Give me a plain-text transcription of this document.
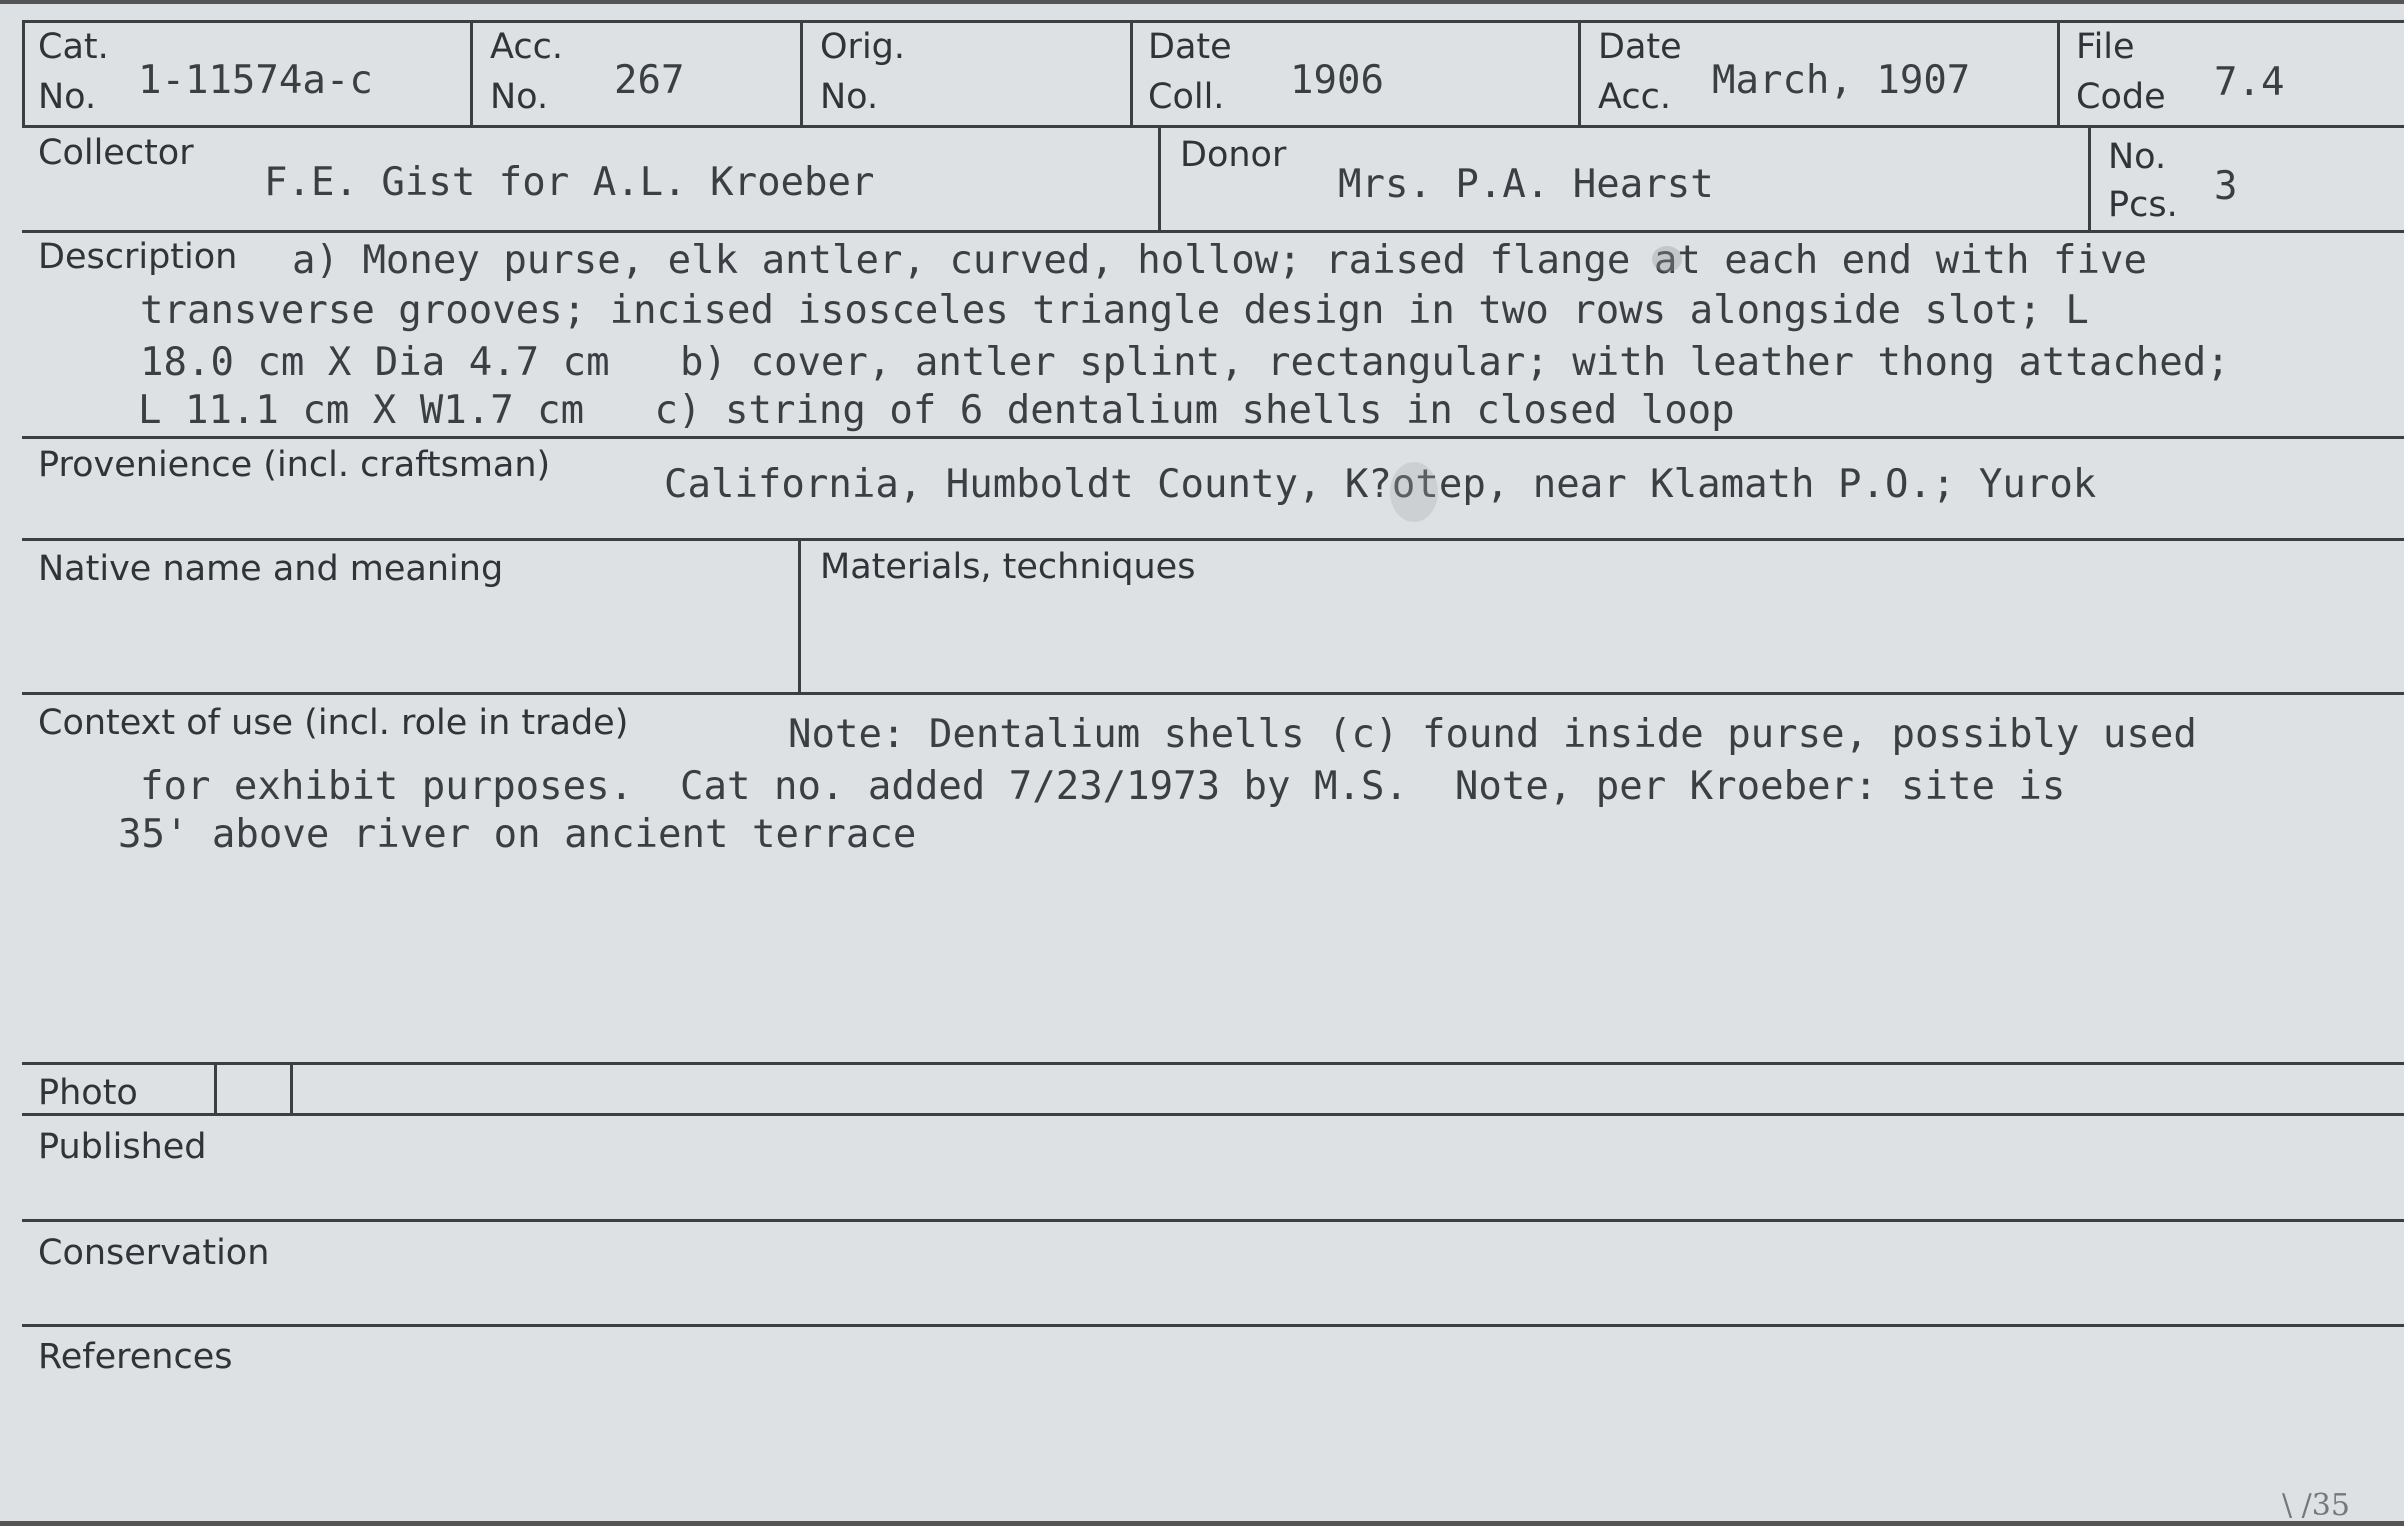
Cat.
No. 1-11574a-c
Acc.
No. 267
Orig.
No.
Date
Coll. 1906
Date
Acc. March, 1907
File
Code 7.4
Collector
F.E. Gist for A.L. Kroeber
Donor
Mrs. P.A. Hearst
No.
Pcs. 3
Description a) Money purse, elk antler, curved, hollow; raised flange at each end with five
transverse grooves; incised isosceles triangle design in two rows alongside slot; L
18.0 cm X Dia 4.7 cm   b) cover, antler splint, rectangular; with leather thong attached;
L 11.1 cm X W1.7 cm   c) string of 6 dentalium shells in closed loop
Provenience (incl. craftsman)	California, Humboldt County, K?otep, near Klamath P.O.; Yurok
Native name and meaning	Materials, techniques
Context of use (incl. role in trade)	Note: Dentalium shells (c) found inside purse, possibly used
for exhibit purposes.  Cat no. added 7/23/1973 by M.S.  Note, per Kroeber: site is
35' above river on ancient terrace
Photo
Published
Conservation
References
\ /35
